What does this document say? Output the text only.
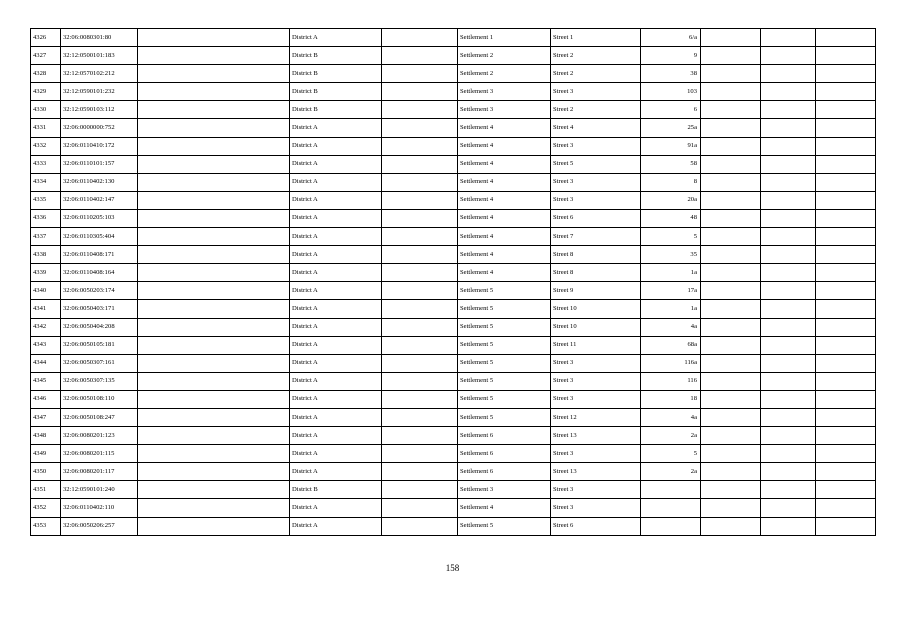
4326	32:06:0080301:80		District A		Settlement 1	Street 1	6/a			
4327	32:12:0500101:183		District B		Settlement 2	Street 2	9			
4328	32:12:0570102:212		District B		Settlement 2	Street 2	38			
4329	32:12:0590101:232		District B		Settlement 3	Street 3	103			
4330	32:12:0590103:112		District B		Settlement 3	Street 2	6			
4331	32:06:0000000:752		District A		Settlement 4	Street 4	25а			
4332	32:06:0110410:172		District A		Settlement 4	Street 3	91а			
4333	32:06:0110101:157		District A		Settlement 4	Street 5	58			
4334	32:06:0110402:130		District A		Settlement 4	Street 3	8			
4335	32:06:0110402:147		District A		Settlement 4	Street 3	20а			
4336	32:06:0110205:103		District A		Settlement 4	Street 6	48			
4337	32:06:0110305:404		District A		Settlement 4	Street 7	5			
4338	32:06:0110408:171		District A		Settlement 4	Street 8	35			
4339	32:06:0110408:164		District A		Settlement 4	Street 8	1а			
4340	32:06:0050203:174		District A		Settlement 5	Street 9	17а			
4341	32:06:0050403:171		District A		Settlement 5	Street 10	1а			
4342	32:06:0050404:208		District A		Settlement 5	Street 10	4а			
4343	32:06:0050105:181		District A		Settlement 5	Street 11	68а			
4344	32:06:0050307:161		District A		Settlement 5	Street 3	116а			
4345	32:06:0050307:135		District A		Settlement 5	Street 3	116			
4346	32:06:0050108:110		District A		Settlement 5	Street 3	18			
4347	32:06:0050108:247		District A		Settlement 5	Street 12	4а			
4348	32:06:0080201:123		District A		Settlement 6	Street 13	2а			
4349	32:06:0080201:115		District A		Settlement 6	Street 3	5			
4350	32:06:0080201:117		District A		Settlement 6	Street 13	2а			
4351	32:12:0590101:240		District B		Settlement 3	Street 3				
4352	32:06:0110402:110		District A		Settlement 4	Street 3				
4353	32:06:0050206:257		District A		Settlement 5	Street 6				
158
